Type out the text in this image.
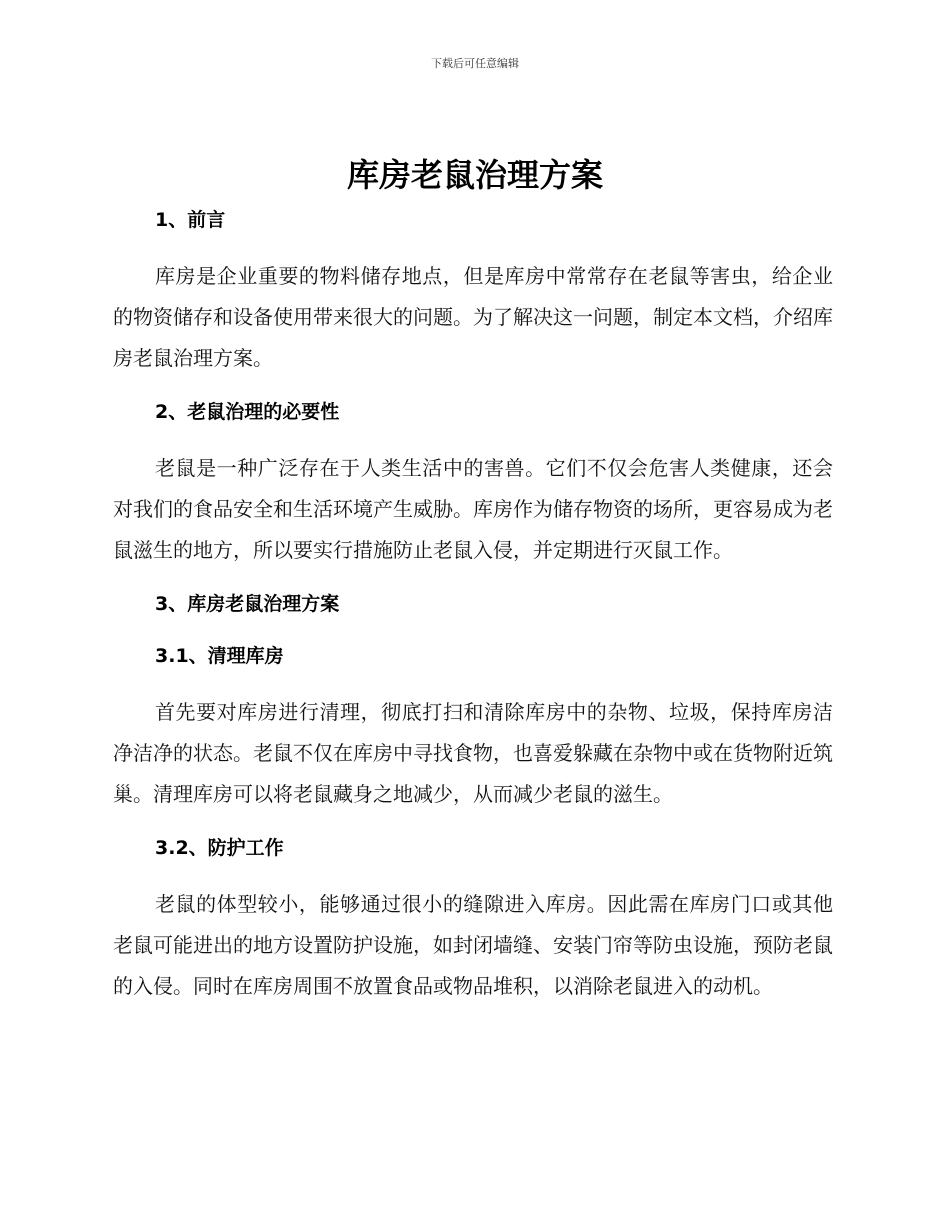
下载后可任意编辑
库房老鼠治理方案
1、前言

库房是企业重要的物料储存地点，但是库房中常常存在老鼠等害虫，给企业的物资储存和设备使用带来很大的问题。为了解决这一问题，制定本文档，介绍库房老鼠治理方案。

2、老鼠治理的必要性

老鼠是一种广泛存在于人类生活中的害兽。它们不仅会危害人类健康，还会对我们的食品安全和生活环境产生威胁。库房作为储存物资的场所，更容易成为老鼠滋生的地方，所以要实行措施防止老鼠入侵，并定期进行灭鼠工作。

3、库房老鼠治理方案
3.1、清理库房

首先要对库房进行清理，彻底打扫和清除库房中的杂物、垃圾，保持库房洁净洁净的状态。老鼠不仅在库房中寻找食物，也喜爱躲藏在杂物中或在货物附近筑巢。清理库房可以将老鼠藏身之地减少，从而减少老鼠的滋生。

3.2、防护工作

老鼠的体型较小，能够通过很小的缝隙进入库房。因此需在库房门口或其他老鼠可能进出的地方设置防护设施，如封闭墙缝、安装门帘等防虫设施，预防老鼠的入侵。同时在库房周围不放置食品或物品堆积，以消除老鼠进入的动机。
